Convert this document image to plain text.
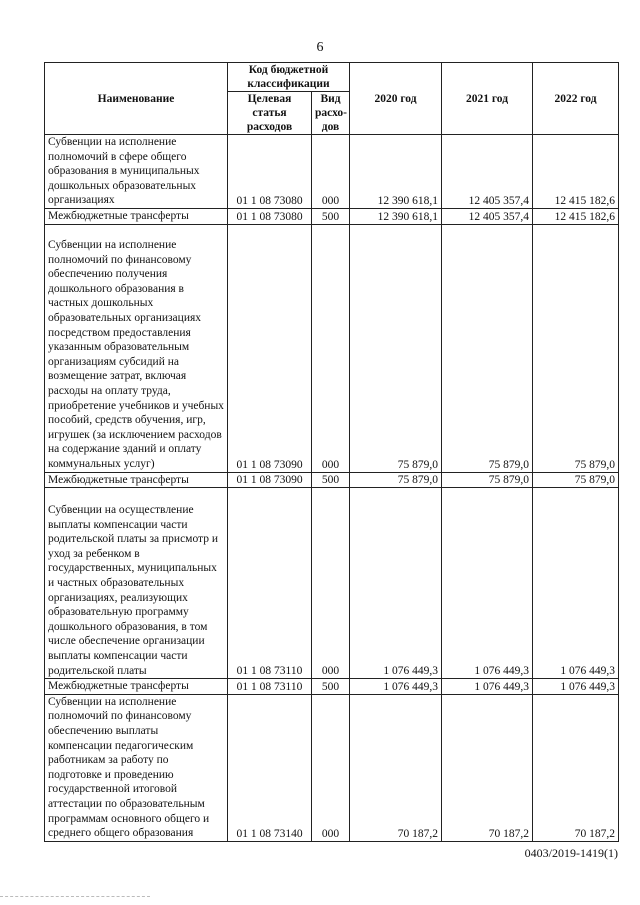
6
Наименование	Код бюджетной классификации		2020 год	2021 год	2022 год
	Целевая статья расходов	Вид расхо-дов			
Субвенции на исполнение полномочий в сфере общего образования в муниципальных дошкольных образовательных организациях	01 1 08 73080	000	12 390 618,1	12 405 357,4	12 415 182,6
Межбюджетные трансферты	01 1 08 73080	500	12 390 618,1	12 405 357,4	12 415 182,6
Субвенции на исполнение полномочий по финансовому обеспечению получения дошкольного образования в частных дошкольных образовательных организациях посредством предоставления указанным образовательным организациям субсидий на возмещение затрат, включая расходы на оплату труда, приобретение учебников и учебных пособий, средств обучения, игр, игрушек (за исключением расходов на содержание зданий и оплату коммунальных услуг)	01 1 08 73090	000	75 879,0	75 879,0	75 879,0
Межбюджетные трансферты	01 1 08 73090	500	75 879,0	75 879,0	75 879,0
Субвенции на осуществление выплаты компенсации части родительской платы за присмотр и уход за ребенком в государственных, муниципальных и частных образовательных организациях, реализующих образовательную программу дошкольного образования, в том числе обеспечение организации выплаты компенсации части родительской платы	01 1 08 73110	000	1 076 449,3	1 076 449,3	1 076 449,3
Межбюджетные трансферты	01 1 08 73110	500	1 076 449,3	1 076 449,3	1 076 449,3
Субвенции на исполнение полномочий по финансовому обеспечению выплаты компенсации педагогическим работникам за работу по подготовке и проведению государственной итоговой аттестации по образовательным программам основного общего и среднего общего образования	01 1 08 73140	000	70 187,2	70 187,2	70 187,2
0403/2019-1419(1)
